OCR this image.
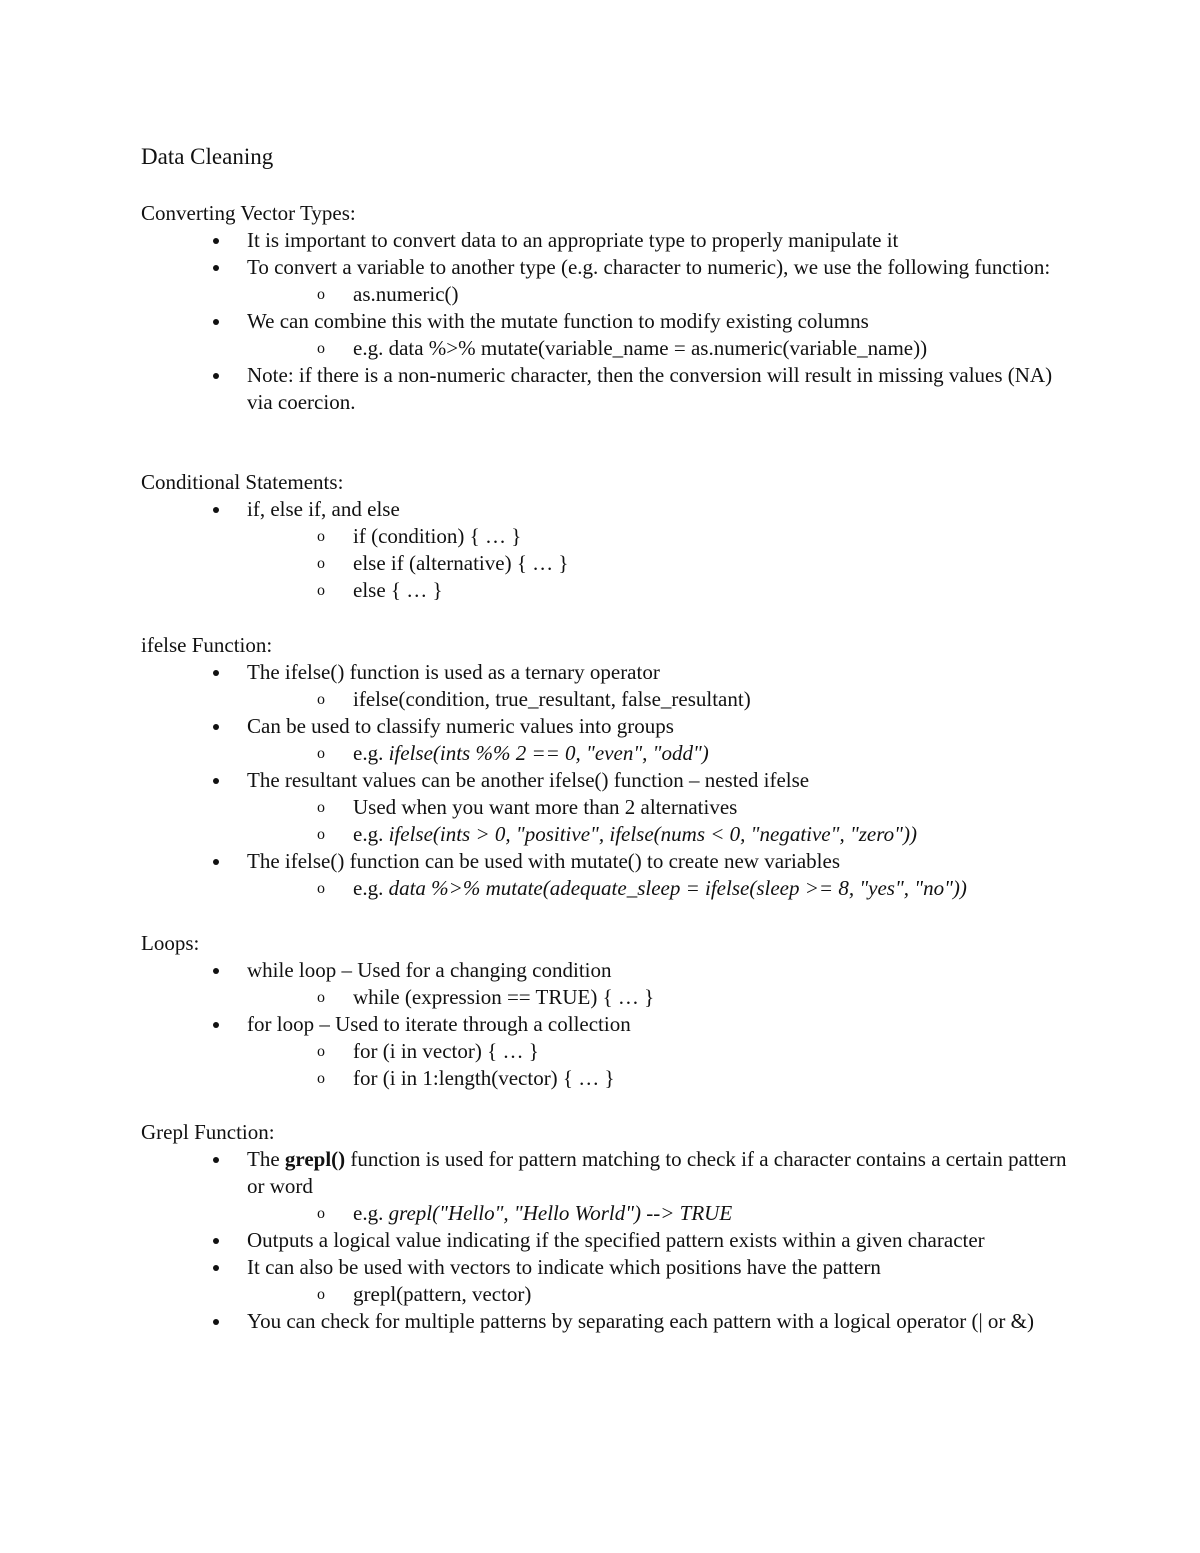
Data Cleaning
Converting Vector Types:
It is important to convert data to an appropriate type to properly manipulate it
To convert a variable to another type (e.g. character to numeric), we use the following function:
o as.numeric()
We can combine this with the mutate function to modify existing columns
o e.g. data %>% mutate(variable_name = as.numeric(variable_name))
Note: if there is a non-numeric character, then the conversion will result in missing values (NA) via coercion.
Conditional Statements:
if, else if, and else
o if (condition) { … }
o else if (alternative) { … }
o else { … }
ifelse Function:
The ifelse() function is used as a ternary operator
o ifelse(condition, true_resultant, false_resultant)
Can be used to classify numeric values into groups
o e.g. ifelse(ints %% 2 == 0, "even", "odd")
The resultant values can be another ifelse() function – nested ifelse
o Used when you want more than 2 alternatives
o e.g. ifelse(ints > 0, "positive", ifelse(nums < 0, "negative", "zero"))
The ifelse() function can be used with mutate() to create new variables
o e.g. data %>% mutate(adequate_sleep = ifelse(sleep >= 8, "yes", "no"))
Loops:
while loop – Used for a changing condition
o while (expression == TRUE) { … }
for loop – Used to iterate through a collection
o for (i in vector) { … }
o for (i in 1:length(vector) { … }
Grepl Function:
The grepl() function is used for pattern matching to check if a character contains a certain pattern or word
o e.g. grepl("Hello", "Hello World") --> TRUE
Outputs a logical value indicating if the specified pattern exists within a given character
It can also be used with vectors to indicate which positions have the pattern
o grepl(pattern, vector)
You can check for multiple patterns by separating each pattern with a logical operator (| or &)
